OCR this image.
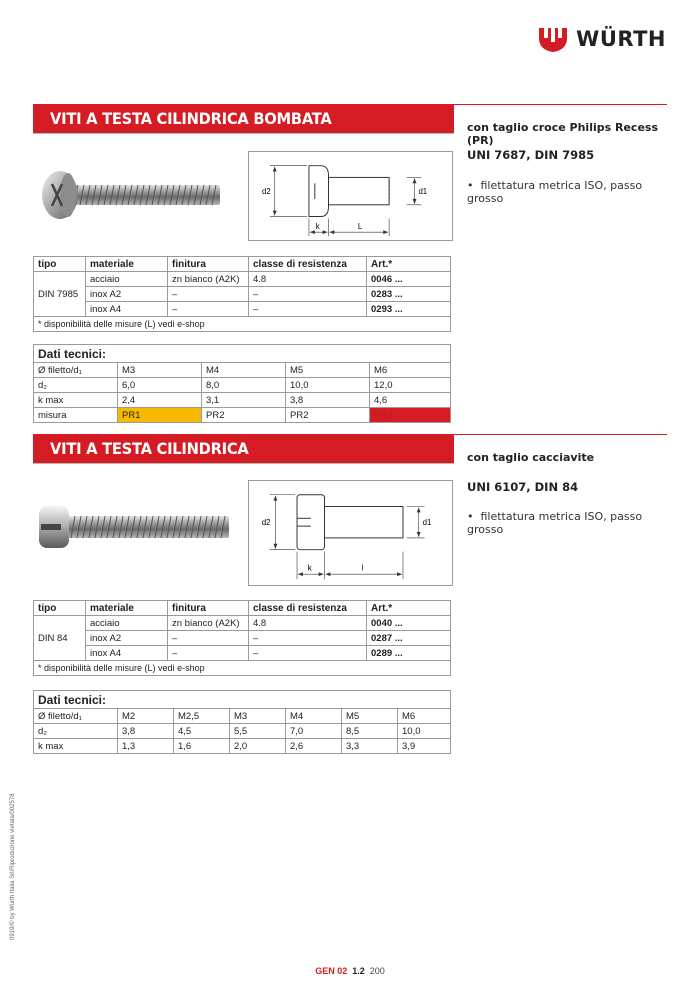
WÜRTH
VITI A TESTA CILINDRICA BOMBATA	con taglio croce Philips Recess (PR)
UNI 7687, DIN 7985
•  filettatura metrica ISO, passo grosso
d2	d1
k	L
tipo	materiale	finitura	classe di resistenza	Art.*
DIN 7985	acciaio	zn bianco (A2K)	4.8	0046 ...
	inox A2	–	–	0283 ...
	inox A4	–	–	0293 ...
* disponibilità delle misure (L) vedi e-shop				
Dati tecnici:				
Ø filetto/d₁	M3	M4	M5	M6
d₂	6,0	8,0	10,0	12,0
k max	2,4	3,1	3,8	4,6
misura	PR1	PR2	PR2	PR3
VITI A TESTA CILINDRICA	con taglio cacciavite
UNI 6107, DIN 84
•  filettatura metrica ISO, passo grosso
d2	d1
k	l
tipo	materiale	finitura	classe di resistenza	Art.*
DIN 84	acciaio	zn bianco (A2K)	4.8	0040 ...
	inox A2	–	–	0287 ...
	inox A4	–	–	0289 ...
* disponibilità delle misure (L) vedi e-shop				
Dati tecnici:						
Ø filetto/d₁	M2	M2,5	M3	M4	M5	M6
d₂	3,8	4,5	5,5	7,0	8,5	10,0
k max	1,3	1,6	2,0	2,6	3,3	3,9
0919/© by Würth Italia Srl/Riproduzione vietata/002578
GEN 02 1.2 200
